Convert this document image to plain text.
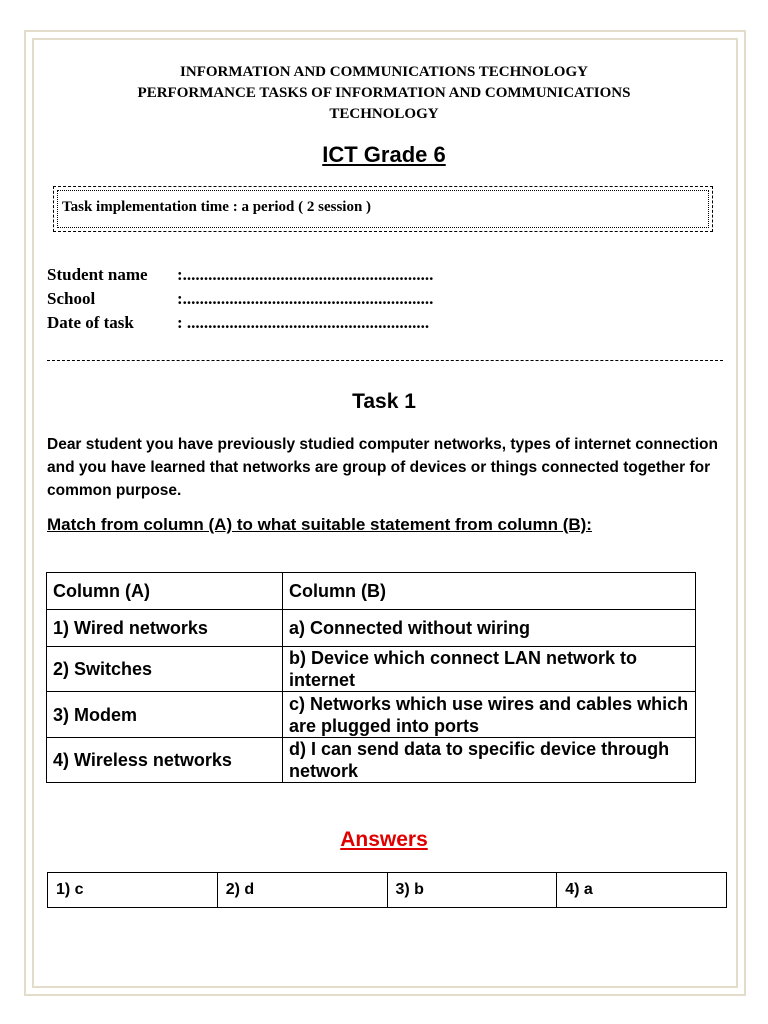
INFORMATION AND COMMUNICATIONS TECHNOLOGY
PERFORMANCE TASKS OF INFORMATION AND COMMUNICATIONS
TECHNOLOGY
ICT Grade 6
Task implementation time : a period ( 2 session )
Student name :...........................................................
School	:...........................................................
Date of task	: .........................................................
Task 1
Dear student you have previously studied computer networks, types of internet connection and you have learned that networks are group of devices or things connected together for common purpose.
Match from column (A) to what suitable statement from column (B):
Column (A)	Column (B)
1) Wired networks	a) Connected without wiring
2) Switches	b) Device which connect LAN network to internet
3) Modem	c) Networks which use wires and cables which are plugged into ports
4) Wireless networks	d) I can send data to specific device through network
Answers
1) c	2) d	3) b	4) a
